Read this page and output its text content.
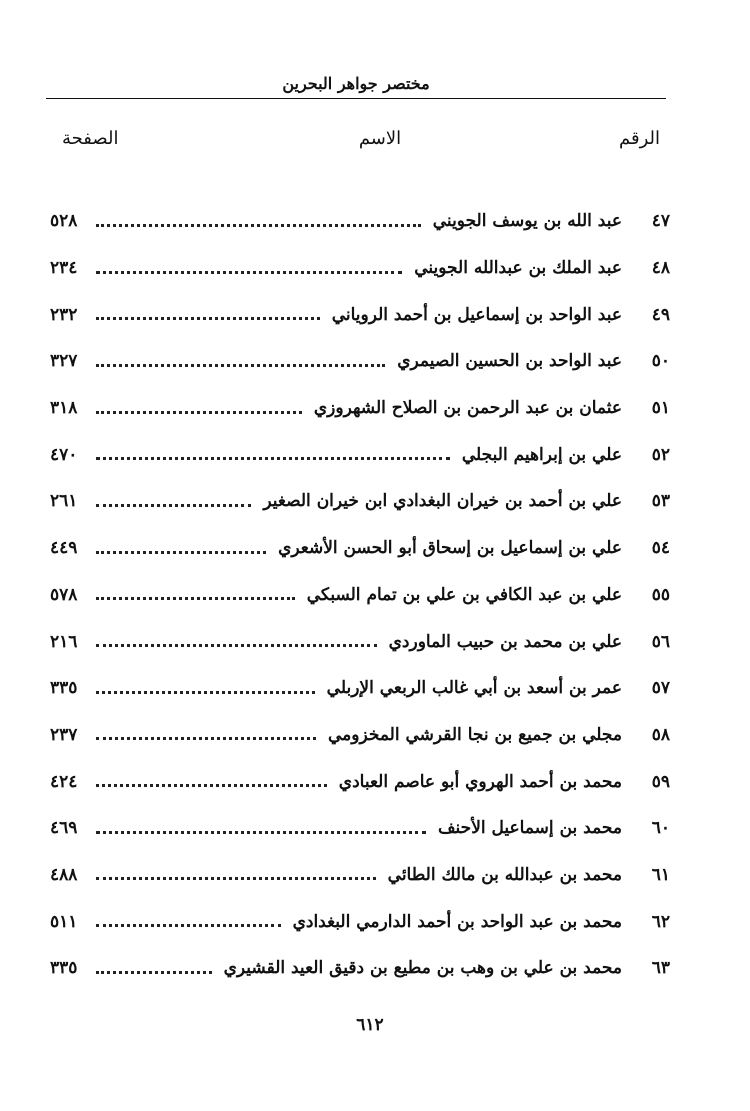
مختصر جواهر البحرين
الرقم
الاسم
الصفحة
٤٧
عبد الله بن يوسف الجويني
٥٢٨
٤٨
عبد الملك بن عبدالله الجويني
٢٣٤
٤٩
عبد الواحد بن إسماعيل بن أحمد الروياني
٢٣٢
٥٠
عبد الواحد بن الحسين الصيمري
٣٢٧
٥١
عثمان بن عبد الرحمن بن الصلاح الشهروزي
٣١٨
٥٢
علي بن إبراهيم البجلي
٤٧٠
٥٣
علي بن أحمد بن خيران البغدادي ابن خيران الصغير
٢٦١
٥٤
علي بن إسماعيل بن إسحاق أبو الحسن الأشعري
٤٤٩
٥٥
علي بن عبد الكافي بن علي بن تمام السبكي
٥٧٨
٥٦
علي بن محمد بن حبيب الماوردي
٢١٦
٥٧
عمر بن أسعد بن أبي غالب الربعي الإربلي
٣٣٥
٥٨
مجلي بن جميع بن نجا القرشي المخزومي
٢٣٧
٥٩
محمد بن أحمد الهروي أبو عاصم العبادي
٤٢٤
٦٠
محمد بن إسماعيل الأحنف
٤٦٩
٦١
محمد بن عبدالله بن مالك الطائي
٤٨٨
٦٢
محمد بن عبد الواحد بن أحمد الدارمي البغدادي
٥١١
٦٣
محمد بن علي بن وهب بن مطيع بن دقيق العيد القشيري
٣٣٥
٦١٢
